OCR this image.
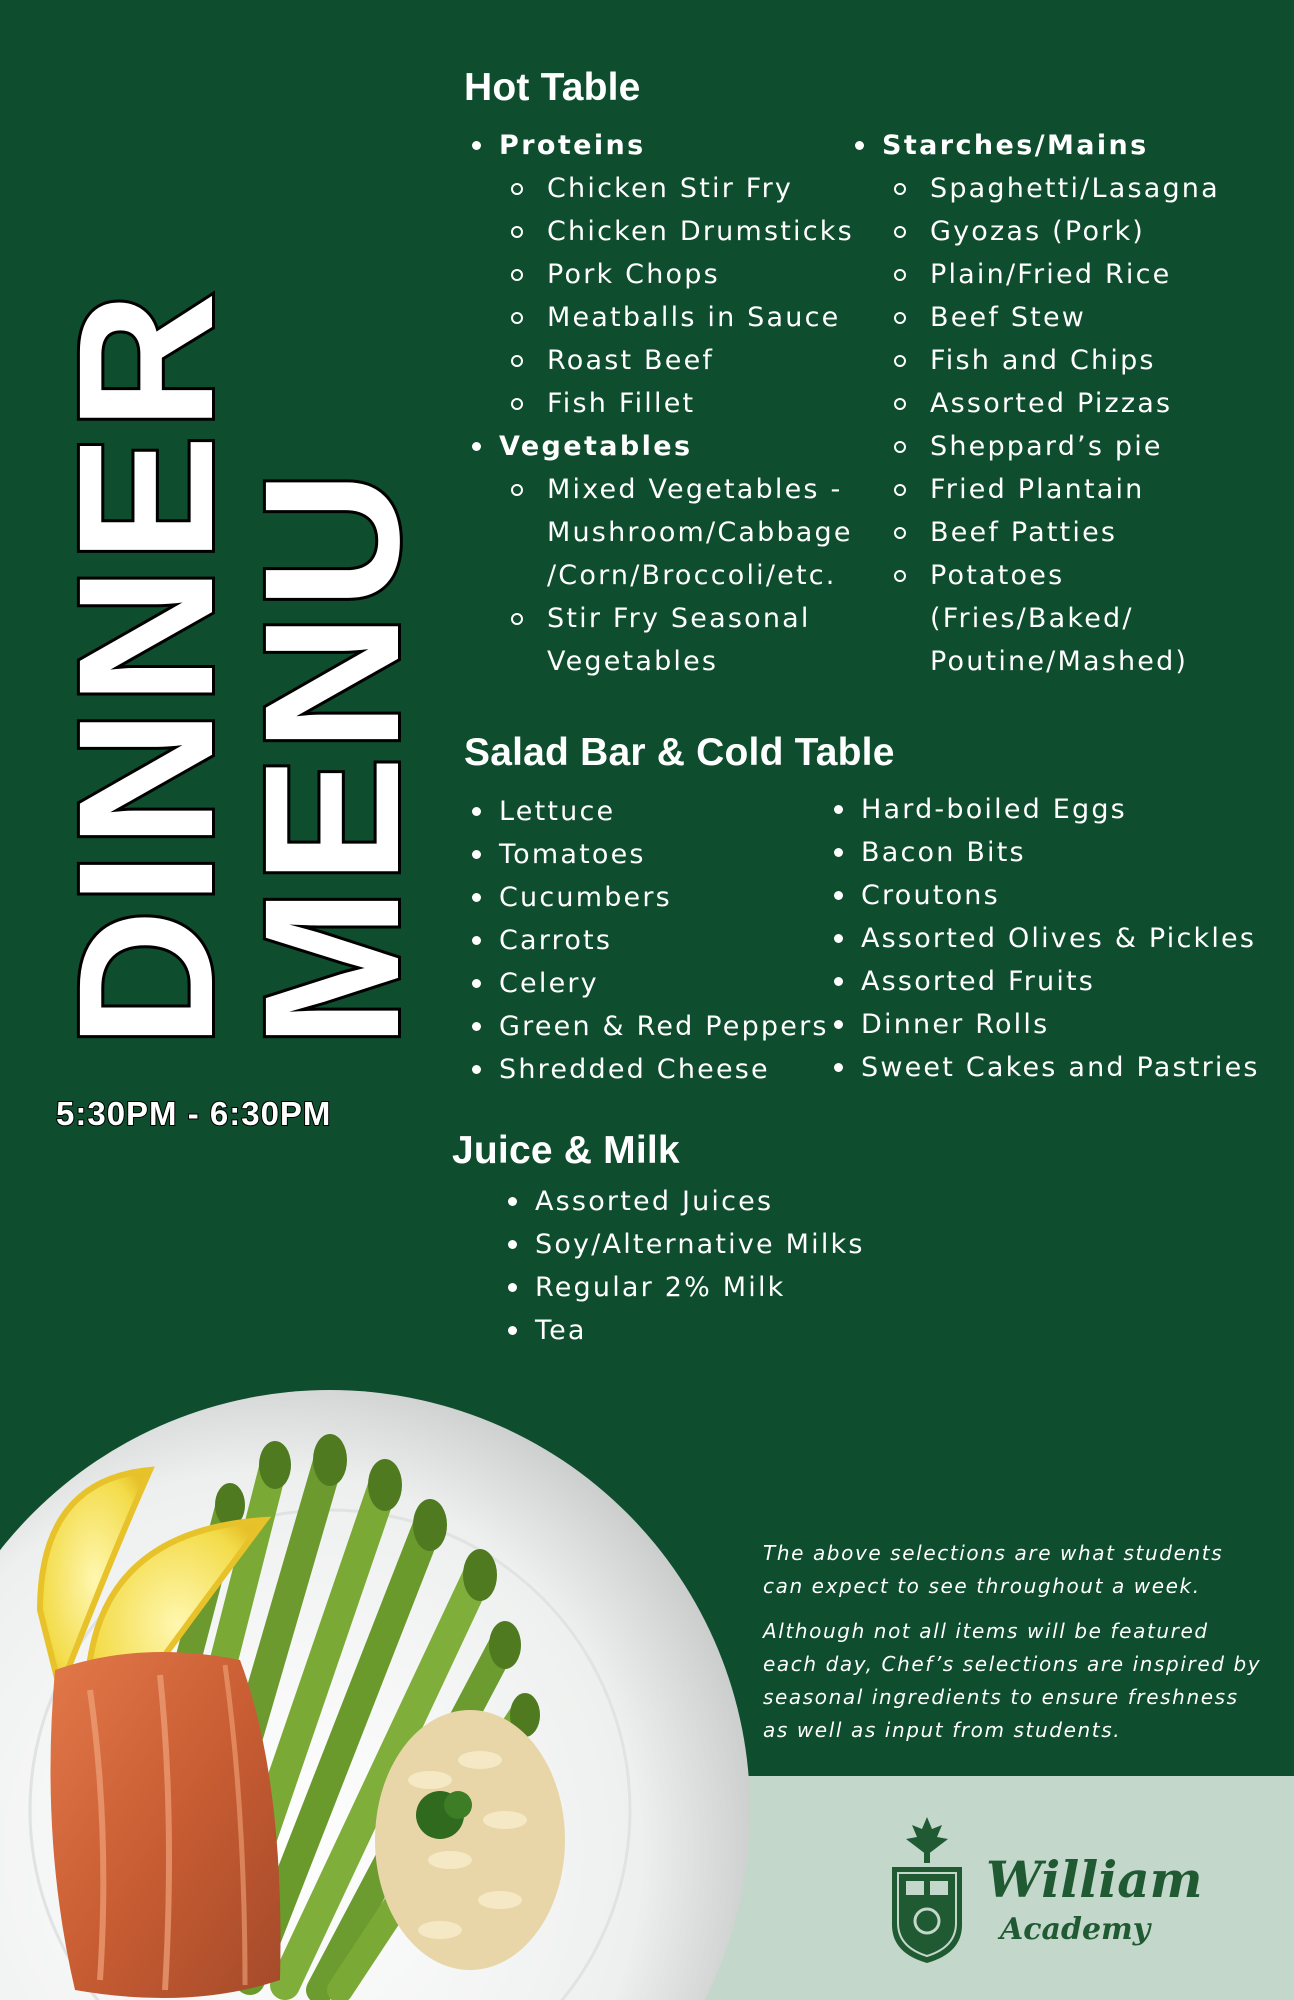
DINNER
MENU
5:30PM - 6:30PM
Hot Table
Proteins
Chicken Stir Fry
Chicken Drumsticks
Pork Chops
Meatballs in Sauce
Roast Beef
Fish Fillet
Vegetables
Mixed Vegetables - Mushroom/Cabbage /Corn/Broccoli/etc.
Stir Fry Seasonal Vegetables
Starches/Mains
Spaghetti/Lasagna
Gyozas (Pork)
Plain/Fried Rice
Beef Stew
Fish and Chips
Assorted Pizzas
Sheppard’s pie
Fried Plantain
Beef Patties
Potatoes (Fries/Baked/ Poutine/Mashed)
Salad Bar & Cold Table
Lettuce
Tomatoes
Cucumbers
Carrots
Celery
Green & Red Peppers
Shredded Cheese
Hard-boiled Eggs
Bacon Bits
Croutons
Assorted Olives & Pickles
Assorted Fruits
Dinner Rolls
Sweet Cakes and Pastries
Juice & Milk
Assorted Juices
Soy/Alternative Milks
Regular 2% Milk
Tea

The above selections are what students can expect to see throughout a week.

Although not all items will be featured each day, Chef’s selections are inspired by seasonal ingredients to ensure freshness as well as input from students.

William
Academy
